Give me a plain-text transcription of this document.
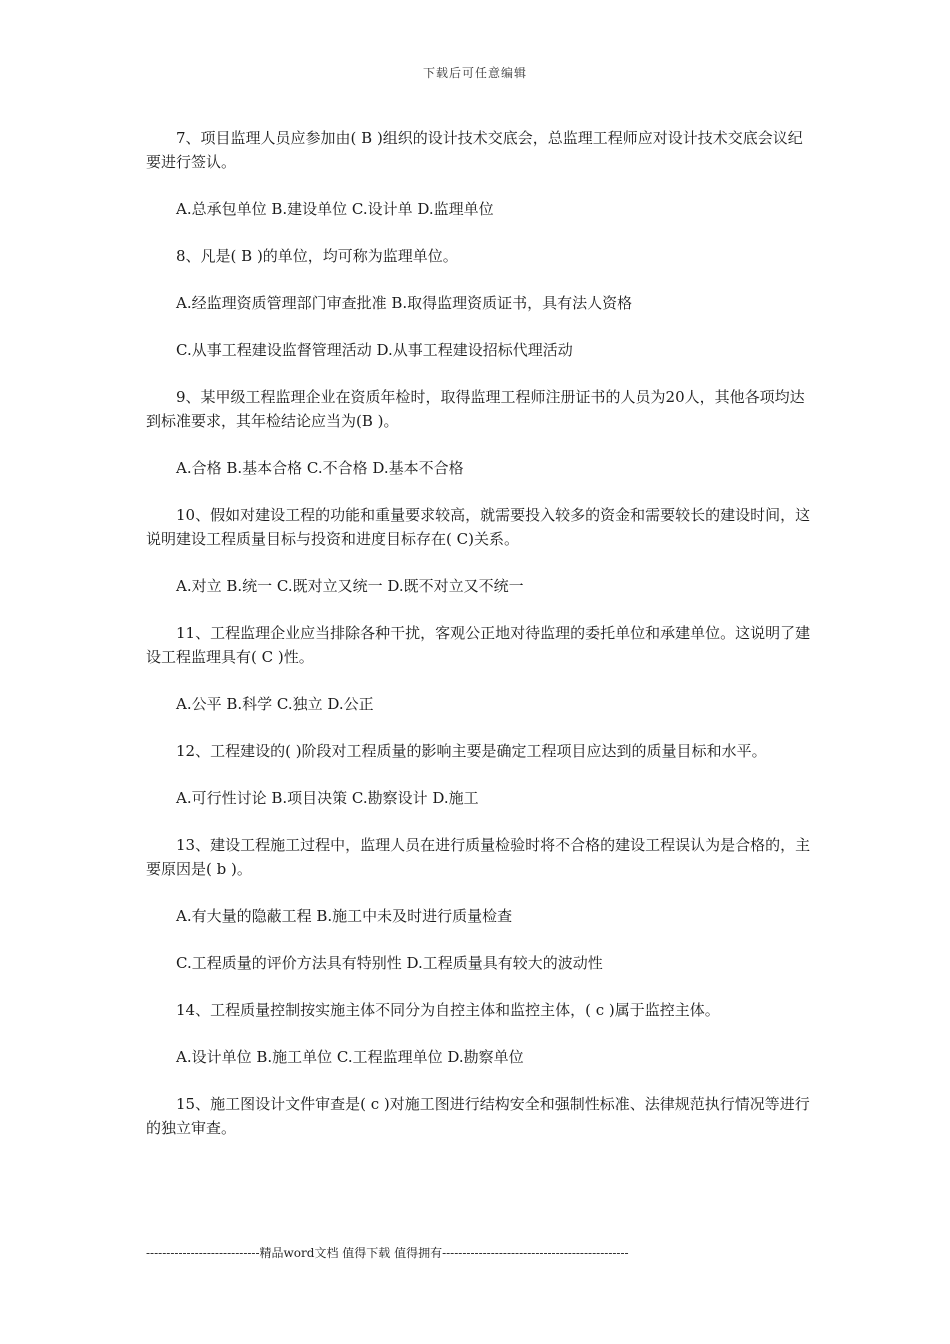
下载后可任意编辑

7、项目监理人员应参加由( B )组织的设计技术交底会，总监理工程师应对设计技术交底会议纪要进行签认。

A.总承包单位 B.建设单位 C.设计单 D.监理单位

8、凡是( B )的单位，均可称为监理单位。

A.经监理资质管理部门审查批准 B.取得监理资质证书，具有法人资格

C.从事工程建设监督管理活动 D.从事工程建设招标代理活动

9、某甲级工程监理企业在资质年检时，取得监理工程师注册证书的人员为20人，其他各项均达到标准要求，其年检结论应当为(B )。

A.合格 B.基本合格 C.不合格 D.基本不合格

10、假如对建设工程的功能和重量要求较高，就需要投入较多的资金和需要较长的建设时间，这说明建设工程质量目标与投资和进度目标存在( C)关系。

A.对立 B.统一 C.既对立又统一 D.既不对立又不统一

11、工程监理企业应当排除各种干扰，客观公正地对待监理的委托单位和承建单位。这说明了建设工程监理具有( C )性。

A.公平 B.科学 C.独立 D.公正

12、工程建设的( )阶段对工程质量的影响主要是确定工程项目应达到的质量目标和水平。

A.可行性讨论 B.项目决策 C.勘察设计 D.施工

13、建设工程施工过程中，监理人员在进行质量检验时将不合格的建设工程误认为是合格的，主要原因是( b )。

A.有大量的隐蔽工程 B.施工中未及时进行质量检查

C.工程质量的评价方法具有特别性 D.工程质量具有较大的波动性

14、工程质量控制按实施主体不同分为自控主体和监控主体，( c )属于监控主体。

A.设计单位 B.施工单位 C.工程监理单位 D.勘察单位

15、施工图设计文件审查是( c )对施工图进行结构安全和强制性标准、法律规范执行情况等进行的独立审查。

----------------------------精品word文档 值得下载 值得拥有----------------------------------------------
